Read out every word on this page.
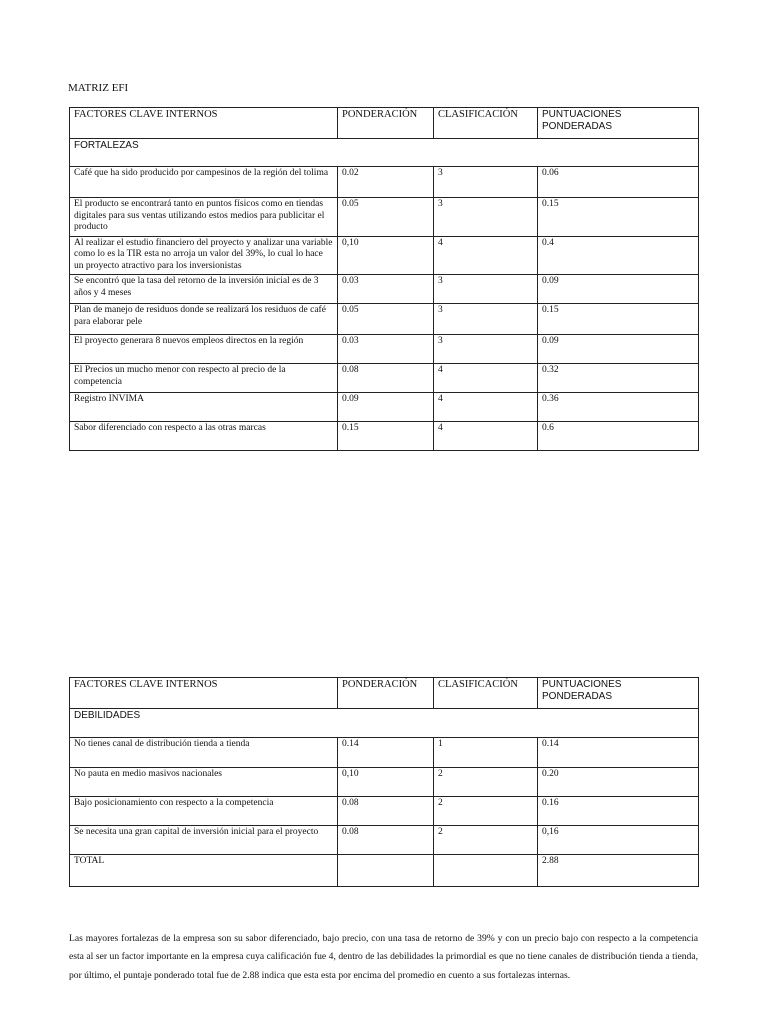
MATRIZ EFI
FACTORES CLAVE INTERNOS	PONDERACIÓN	CLASIFICACIÓN	PUNTUACIONES
PONDERADAS
FORTALEZAS			
Café que ha sido producido por campesinos de la región del tolima	0.02	3	0.06
El producto se encontrará tanto en puntos físicos como en tiendas digitales para sus ventas utilizando estos medios para publicitar el producto	0.05	3	0.15
Al realizar el estudio financiero del proyecto y analizar una variable como lo es la TIR esta no arroja un valor del 39%, lo cual lo hace un proyecto atractivo para los inversionistas	0,10	4	0.4
Se encontró que la tasa del retorno de la inversión inicial es de 3 años y 4 meses	0.03	3	0.09
Plan de manejo de residuos donde se realizará los residuos de café para elaborar pele	0.05	3	0.15
El proyecto generara 8 nuevos empleos directos en la región	0.03	3	0.09
El Precios un mucho menor con respecto al precio de la competencia	0.08	4	0.32
Registro INVIMA	0.09	4	0.36
Sabor diferenciado con respecto a las otras marcas	0.15	4	0.6
FACTORES CLAVE INTERNOS	PONDERACIÓN	CLASIFICACIÓN	PUNTUACIONES
PONDERADAS
DEBILIDADES			
No tienes canal de distribución tienda a tienda	0.14	1	0.14
No pauta en medio masivos nacionales	0,10	2	0.20
Bajo posicionamiento con respecto a la competencia	0.08	2	0.16
Se necesita una gran capital de inversión inicial para el proyecto	0.08	2	0,16
TOTAL			2.88

Las mayores fortalezas de la empresa son su sabor diferenciado, bajo precio, con una tasa de retorno de 39% y con un precio bajo con respecto a la competencia esta al ser un factor importante en la empresa cuya calificación fue 4, dentro de las debilidades la primordial es que no tiene canales de distribución tienda a tienda, por último, el puntaje ponderado total fue de 2.88 indica que esta esta por encima del promedio en cuento a sus fortalezas internas.
